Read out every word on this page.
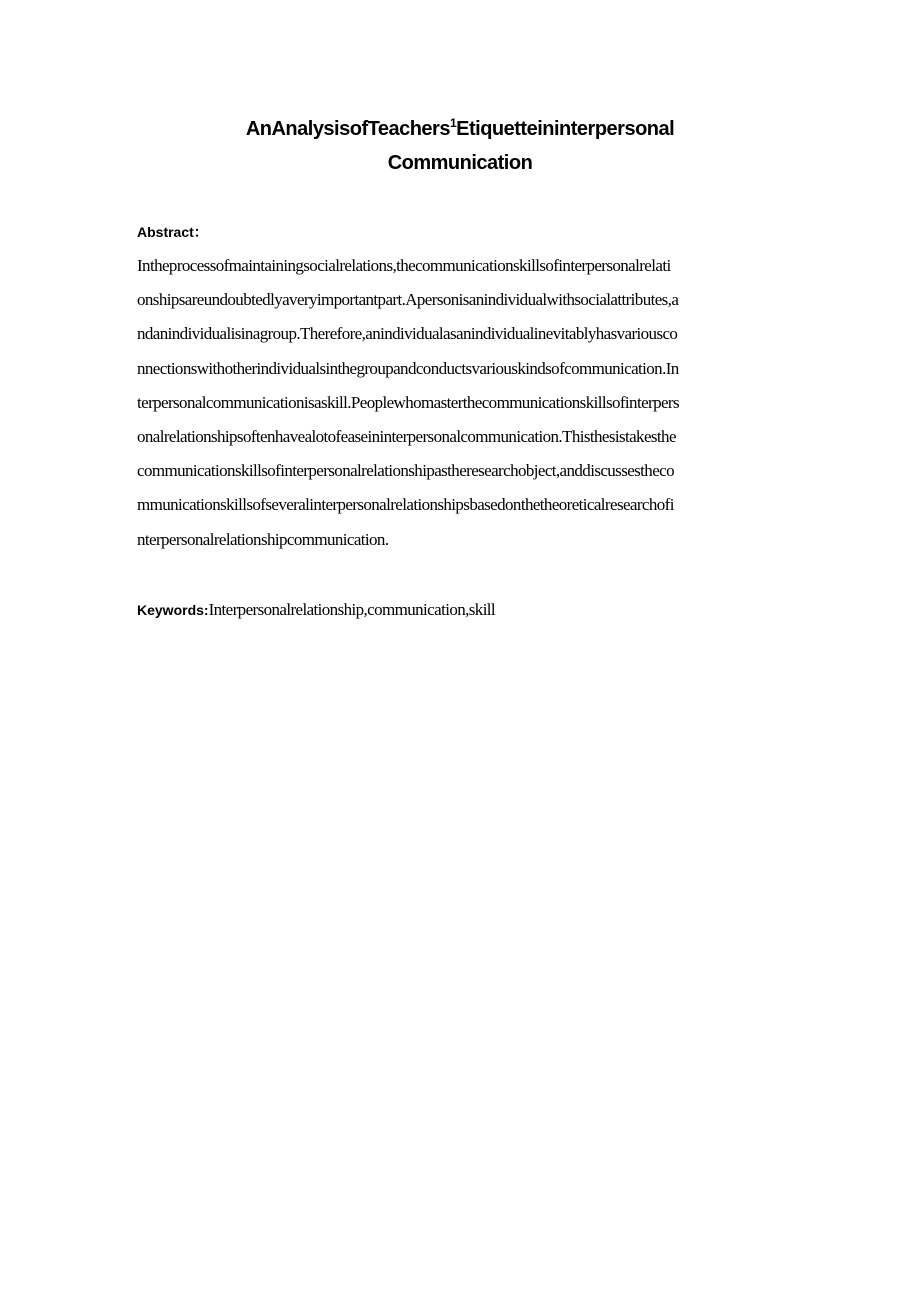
AnAnalysisofTeachers$^1$Etiquetteininterpersonal
Communication
Abstract：
Intheprocessofmaintainingsocialrelations,thecommunicationskillsofinterpersonalrelati
onshipsareundoubtedlyaveryimportantpart.Apersonisanindividualwithsocialattributes,a
ndanindividualisinagroup.Therefore,anindividualasanindividualinevitablyhasvariousco
nnectionswithotherindividualsinthegroupandconductsvariouskindsofcommunication.In
terpersonalcommunicationisaskill.Peoplewhomasterthecommunicationskillsofinterpers
onalrelationshipsoftenhavealotofeaseininterpersonalcommunication.Thisthesistakesthe
communicationskillsofinterpersonalrelationshipastheresearchobject,anddiscussestheco
mmunicationskillsofseveralinterpersonalrelationshipsbasedonthetheoreticalresearchofi
nterpersonalrelationshipcommunication.
Keywords:Interpersonalrelationship,communication,skill
